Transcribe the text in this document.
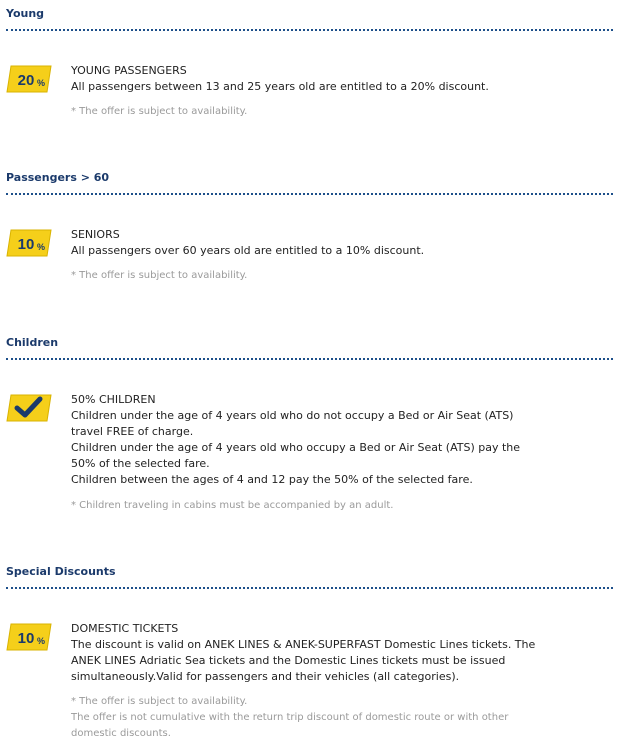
Young
20 %
YOUNG PASSENGERS
All passengers between 13 and 25 years old are entitled to a 20% discount.
* The offer is subject to availability.
Passengers > 60
10 %
SENIORS
All passengers over 60 years old are entitled to a 10% discount.
* The offer is subject to availability.
Children
50% CHILDREN
Children under the age of 4 years old who do not occupy a Bed or Air Seat (ATS)
travel FREE of charge.
Children under the age of 4 years old who occupy a Bed or Air Seat (ATS) pay the
50% of the selected fare.
Children between the ages of 4 and 12 pay the 50% of the selected fare.
* Children traveling in cabins must be accompanied by an adult.
Special Discounts
10 %
DOMESTIC TICKETS
The discount is valid on ANEK LINES & ANEK-SUPERFAST Domestic Lines tickets. The
ANEK LINES Adriatic Sea tickets and the Domestic Lines tickets must be issued
simultaneously.Valid for passengers and their vehicles (all categories).
* The offer is subject to availability.
The offer is not cumulative with the return trip discount of domestic route or with other
domestic discounts.
